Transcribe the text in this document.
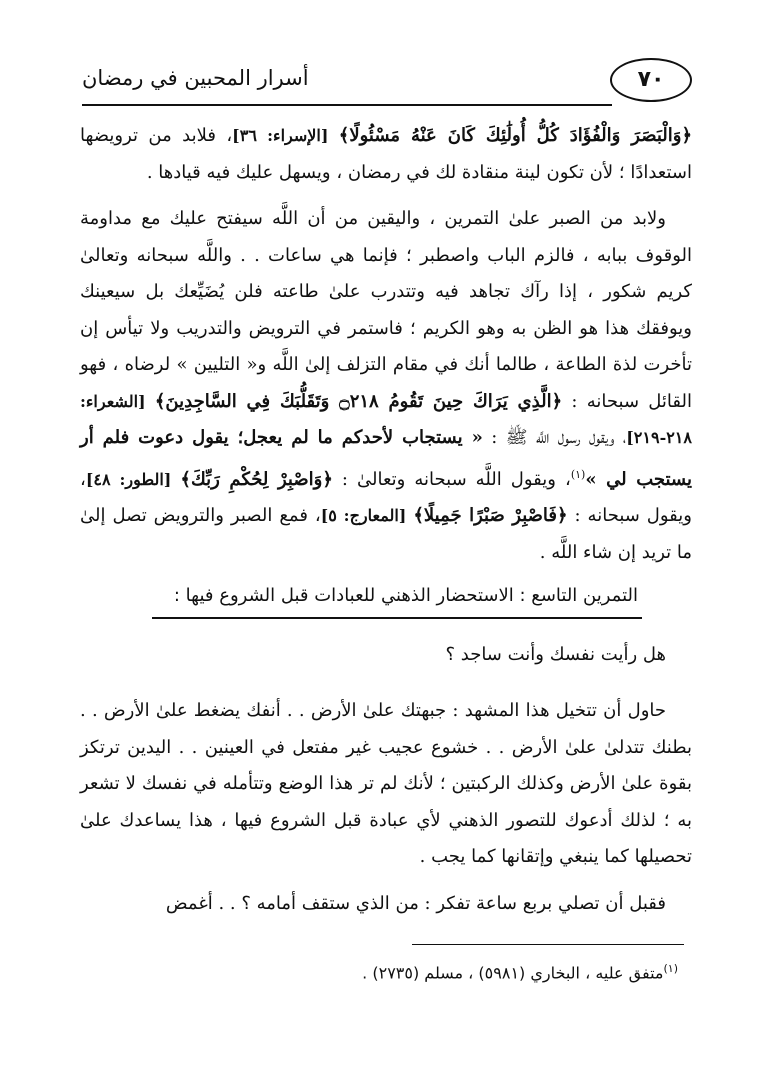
٧٠
أسرار المحبين في رمضان

﴿وَالْبَصَرَ وَالْفُؤَادَ كُلُّ أُولَٰئِكَ كَانَ عَنْهُ مَسْئُولًا﴾ [الإسراء: ٣٦]، فلابد من ترويضها استعدادًا ؛ لأن تكون لينة منقادة لك في رمضان ، ويسهل عليك فيه قيادها .

ولابد من الصبر علىٰ التمرين ، واليقين من أن اللَّه سيفتح عليك مع مداومة الوقوف ببابه ، فالزم الباب واصطبر ؛ فإنما هي ساعات . . واللَّه سبحانه وتعالىٰ كريم شكور ، إذا رآك تجاهد فيه وتتدرب علىٰ طاعته فلن يُضَيِّعك بل سيعينك ويوفقك هذا هو الظن به وهو الكريم ؛ فاستمر في الترويض والتدريب ولا تيأس إن تأخرت لذة الطاعة ، طالما أنك في مقام التزلف إلىٰ اللَّه و« التليين » لرضاه ، فهو القائل سبحانه : ﴿الَّذِي يَرَاكَ حِينَ تَقُومُ ۝٢١٨ وَتَقَلُّبَكَ فِي السَّاجِدِينَ﴾ [الشعراء: ٢١٨-٢١٩]، ويقول رسول اللَّه ﷺ : « يستجاب لأحدكم ما لم يعجل؛ يقول دعوت فلم أر يستجب لي »$^{(١)}$، ويقول اللَّه سبحانه وتعالىٰ : ﴿وَاصْبِرْ لِحُكْمِ رَبِّكَ﴾ [الطور: ٤٨]، ويقول سبحانه : ﴿فَاصْبِرْ صَبْرًا جَمِيلًا﴾ [المعارج: ٥]، فمع الصبر والترويض تصل إلىٰ ما تريد إن شاء اللَّه .

التمرين التاسع : الاستحضار الذهني للعبادات قبل الشروع فيها :

هل رأيت نفسك وأنت ساجد ؟

حاول أن تتخيل هذا المشهد : جبهتك علىٰ الأرض . . أنفك يضغط علىٰ الأرض . . بطنك تتدلىٰ علىٰ الأرض . . خشوع عجيب غير مفتعل في العينين . . اليدين ترتكز بقوة علىٰ الأرض وكذلك الركبتين ؛ لأنك لم تر هذا الوضع وتتأمله في نفسك لا تشعر به ؛ لذلك أدعوك للتصور الذهني لأي عبادة قبل الشروع فيها ، هذا يساعدك علىٰ تحصيلها كما ينبغي وإتقانها كما يجب .

فقبل أن تصلي بربع ساعة تفكر : من الذي ستقف أمامه ؟ . . أغمض

$^{(١)}$متفق عليه ، البخاري (٥٩٨١) ، مسلم (٢٧٣٥) .
